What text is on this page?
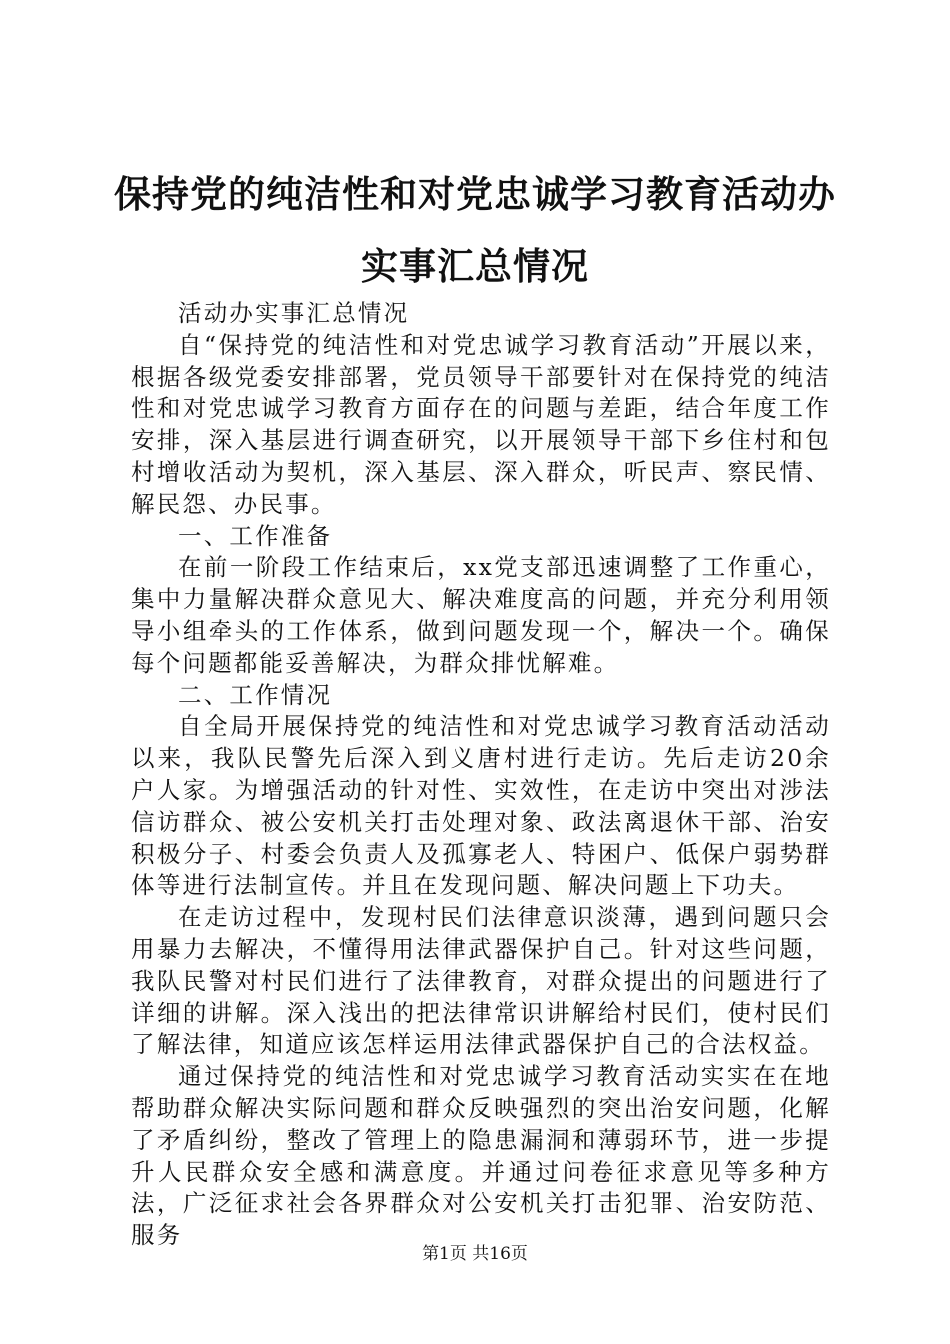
保持党的纯洁性和对党忠诚学习教育活动办实事汇总情况

活动办实事汇总情况

自“保持党的纯洁性和对党忠诚学习教育活动”开展以来，根据各级党委安排部署，党员领导干部要针对在保持党的纯洁性和对党忠诚学习教育方面存在的问题与差距，结合年度工作安排，深入基层进行调查研究，以开展领导干部下乡住村和包村增收活动为契机，深入基层、深入群众，听民声、察民情、解民怨、办民事。

一、工作准备

在前一阶段工作结束后，xx党支部迅速调整了工作重心，集中力量解决群众意见大、解决难度高的问题，并充分利用领导小组牵头的工作体系，做到问题发现一个，解决一个。确保每个问题都能妥善解决，为群众排忧解难。

二、工作情况

自全局开展保持党的纯洁性和对党忠诚学习教育活动活动以来，我队民警先后深入到义唐村进行走访。先后走访20余户人家。为增强活动的针对性、实效性，在走访中突出对涉法信访群众、被公安机关打击处理对象、政法离退休干部、治安积极分子、村委会负责人及孤寡老人、特困户、低保户弱势群体等进行法制宣传。并且在发现问题、解决问题上下功夫。

在走访过程中，发现村民们法律意识淡薄，遇到问题只会用暴力去解决，不懂得用法律武器保护自己。针对这些问题，我队民警对村民们进行了法律教育，对群众提出的问题进行了详细的讲解。深入浅出的把法律常识讲解给村民们，使村民们了解法律，知道应该怎样运用法律武器保护自己的合法权益。

通过保持党的纯洁性和对党忠诚学习教育活动实实在在地帮助群众解决实际问题和群众反映强烈的突出治安问题，化解了矛盾纠纷，整改了管理上的隐患漏洞和薄弱环节，进一步提升人民群众安全感和满意度。并通过问卷征求意见等多种方法，广泛征求社会各界群众对公安机关打击犯罪、治安防范、服务

第1页 共16页
